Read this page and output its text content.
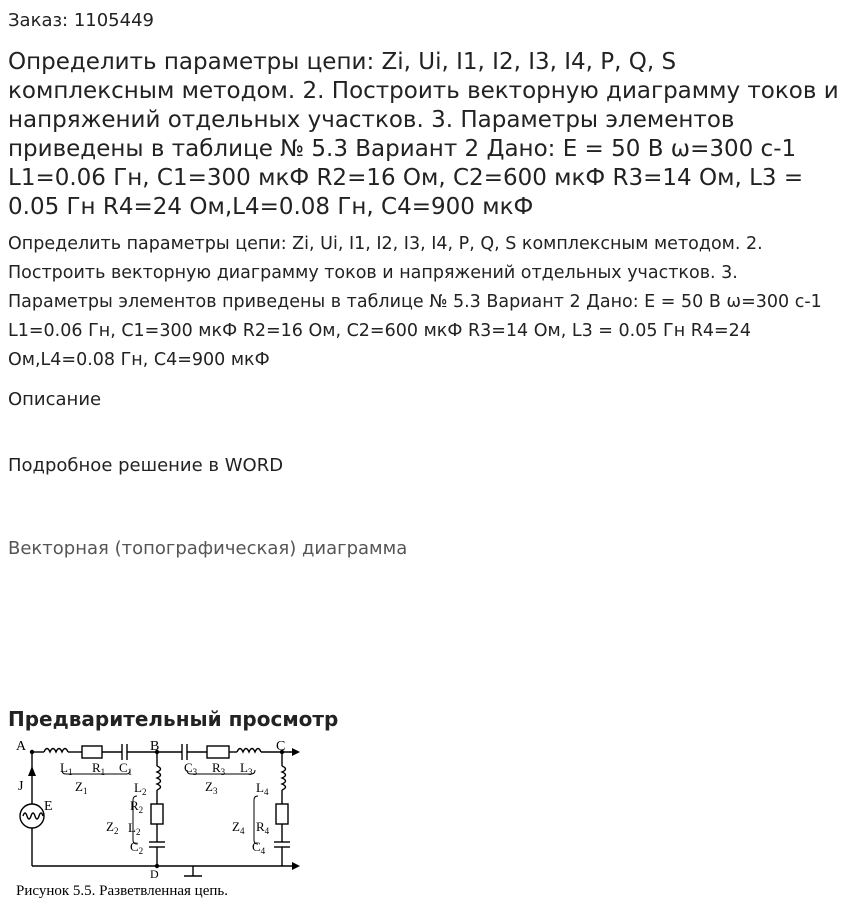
Заказ: 1105449
Определить параметры цепи: Zi, Ui, I1, I2, I3, I4, P, Q, S комплексным методом. 2. Построить векторную диаграмму токов и напряжений отдельных участков. 3. Параметры элементов приведены в таблице № 5.3 Вариант 2 Дано: Е = 50 В ω=300 с-1 L1=0.06 Гн, С1=300 мкФ R2=16 Ом, С2=600 мкФ R3=14 Ом, L3 = 0.05 Гн R4=24 Ом,L4=0.08 Гн, С4=900 мкФ

Определить параметры цепи: Zi, Ui, I1, I2, I3, I4, P, Q, S комплексным методом. 2. Построить векторную диаграмму токов и напряжений отдельных участков. 3. Параметры элементов приведены в таблице № 5.3 Вариант 2 Дано: Е = 50 В ω=300 с-1 L1=0.06 Гн, С1=300 мкФ R2=16 Ом, С2=600 мкФ R3=14 Ом, L3 = 0.05 Гн R4=24 Ом,L4=0.08 Гн, С4=900 мкФ

Описание
Подробное решение в WORD
Векторная (топографическая) диаграмма
Предварительный просмотр
A	B	C
D
$L_1$ $R_1$ $C_1$
$Z_1$	$L_2$
$R_2$
$Z_2$ $L_2$
$C_2$
$C_3$ $R_3$ $L_3$
$Z_3$	$L_4$
$Z_4$ $R_4$
$C_4$
J
E
Рисунок 5.5. Разветвленная цепь.
